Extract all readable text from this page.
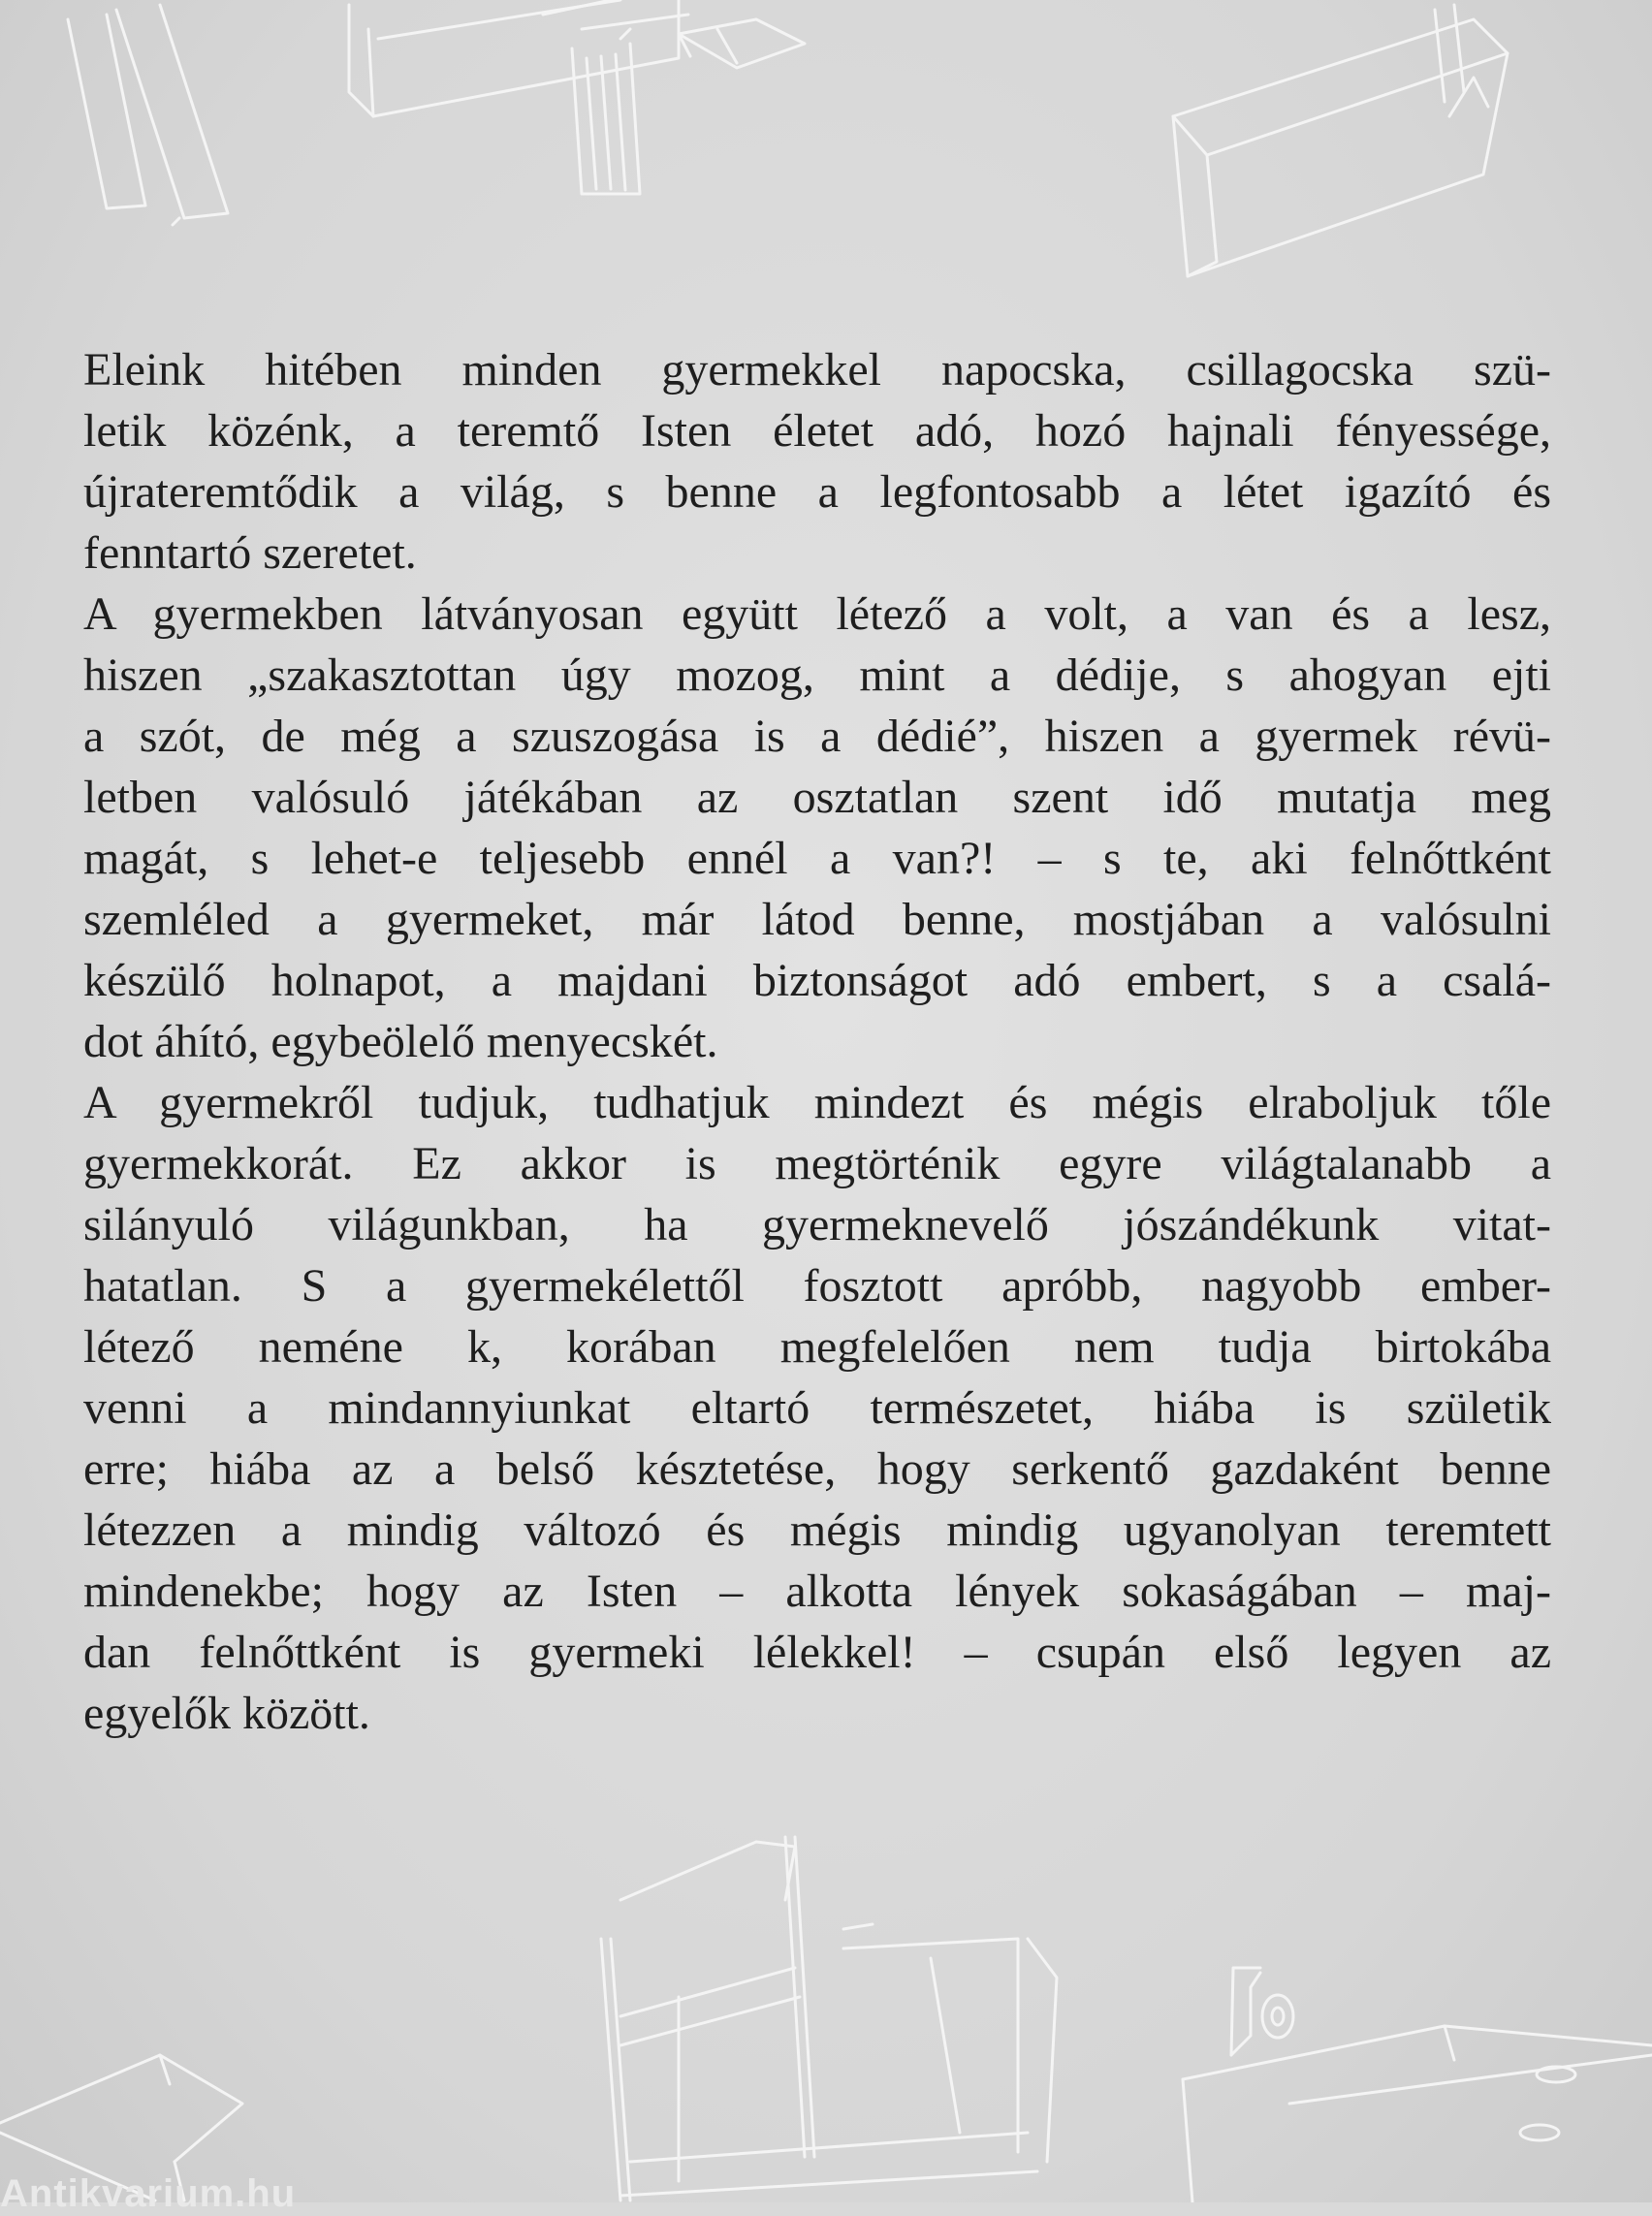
Eleink hitében minden gyermekkel napocska, csillagocska szü-
letik közénk, a teremtő Isten életet adó, hozó hajnali fényessége,
újrateremtődik a világ, s benne a legfontosabb a létet igazító és
fenntartó szeretet.

A gyermekben látványosan együtt létező a volt, a van és a lesz,
hiszen „szakasztottan úgy mozog, mint a dédije, s ahogyan ejti
a szót, de még a szuszogása is a dédié”, hiszen a gyermek révü-
letben valósuló játékában az osztatlan szent idő mutatja meg
magát, s lehet-e teljesebb ennél a van?! – s te, aki felnőttként
szemléled a gyermeket, már látod benne, mostjában a valósulni
készülő holnapot, a majdani biztonságot adó embert, s a csalá-
dot áhító, egybeölelő menyecskét.

A gyermekről tudjuk, tudhatjuk mindezt és mégis elraboljuk tőle
gyermekkorát. Ez akkor is megtörténik egyre világtalanabb a
silányuló világunkban, ha gyermeknevelő jószándékunk vitat-
hatatlan. S a gyermekélettől fosztott apróbb, nagyobb ember-
létező neméne k, korában megfelelően nem tudja birtokába
venni a mindannyiunkat eltartó természetet, hiába is születik
erre; hiába az a belső késztetése, hogy serkentő gazdaként benne
létezzen a mindig változó és mégis mindig ugyanolyan teremtett
mindenekbe; hogy az Isten – alkotta lények sokaságában – maj-
dan felnőttként is gyermeki lélekkel! – csupán első legyen az
egyelők között.

Antikvarium.hu
